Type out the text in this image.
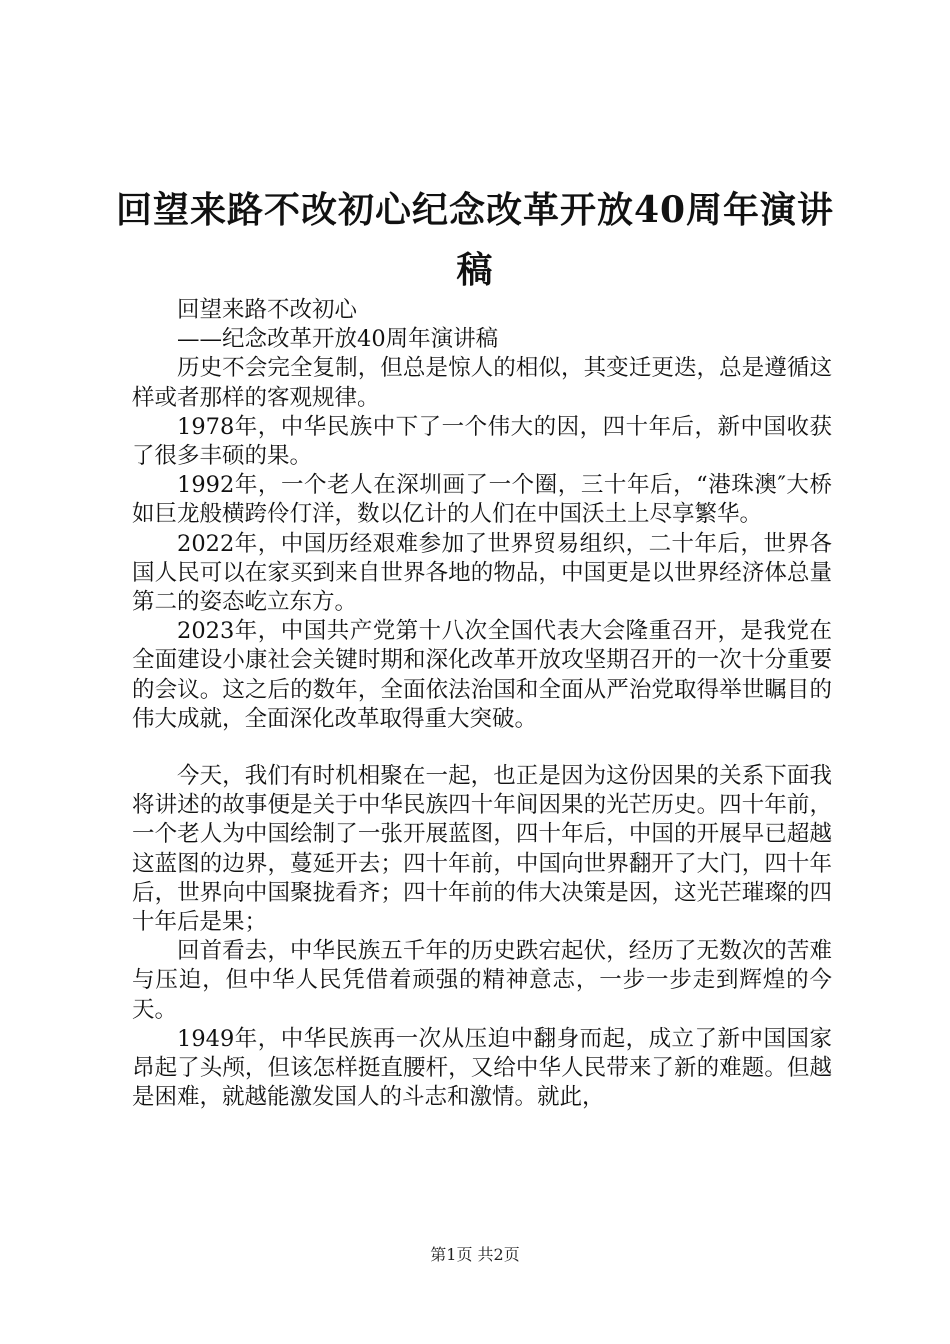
回望来路不改初心纪念改革开放40周年演讲稿

回望来路不改初心

——纪念改革开放40周年演讲稿

历史不会完全复制，但总是惊人的相似，其变迁更迭，总是遵循这样或者那样的客观规律。

1978年，中华民族中下了一个伟大的因，四十年后，新中国收获了很多丰硕的果。

1992年，一个老人在深圳画了一个圈，三十年后，“港珠澳″大桥如巨龙般横跨伶仃洋，数以亿计的人们在中国沃土上尽享繁华。

2022年，中国历经艰难参加了世界贸易组织，二十年后，世界各国人民可以在家买到来自世界各地的物品，中国更是以世界经济体总量第二的姿态屹立东方。

2023年，中国共产党第十八次全国代表大会隆重召开，是我党在全面建设小康社会关键时期和深化改革开放攻坚期召开的一次十分重要的会议。这之后的数年，全面依法治国和全面从严治党取得举世瞩目的伟大成就，全面深化改革取得重大突破。

今天，我们有时机相聚在一起，也正是因为这份因果的关系下面我将讲述的故事便是关于中华民族四十年间因果的光芒历史。四十年前，一个老人为中国绘制了一张开展蓝图，四十年后，中国的开展早已超越这蓝图的边界，蔓延开去；四十年前，中国向世界翻开了大门，四十年后，世界向中国聚拢看齐；四十年前的伟大决策是因，这光芒璀璨的四十年后是果；

回首看去，中华民族五千年的历史跌宕起伏，经历了无数次的苦难与压迫，但中华人民凭借着顽强的精神意志，一步一步走到辉煌的今天。

1949年，中华民族再一次从压迫中翻身而起，成立了新中国国家昂起了头颅，但该怎样挺直腰杆，又给中华人民带来了新的难题。但越是困难，就越能激发国人的斗志和激情。就此，

第1页 共2页
